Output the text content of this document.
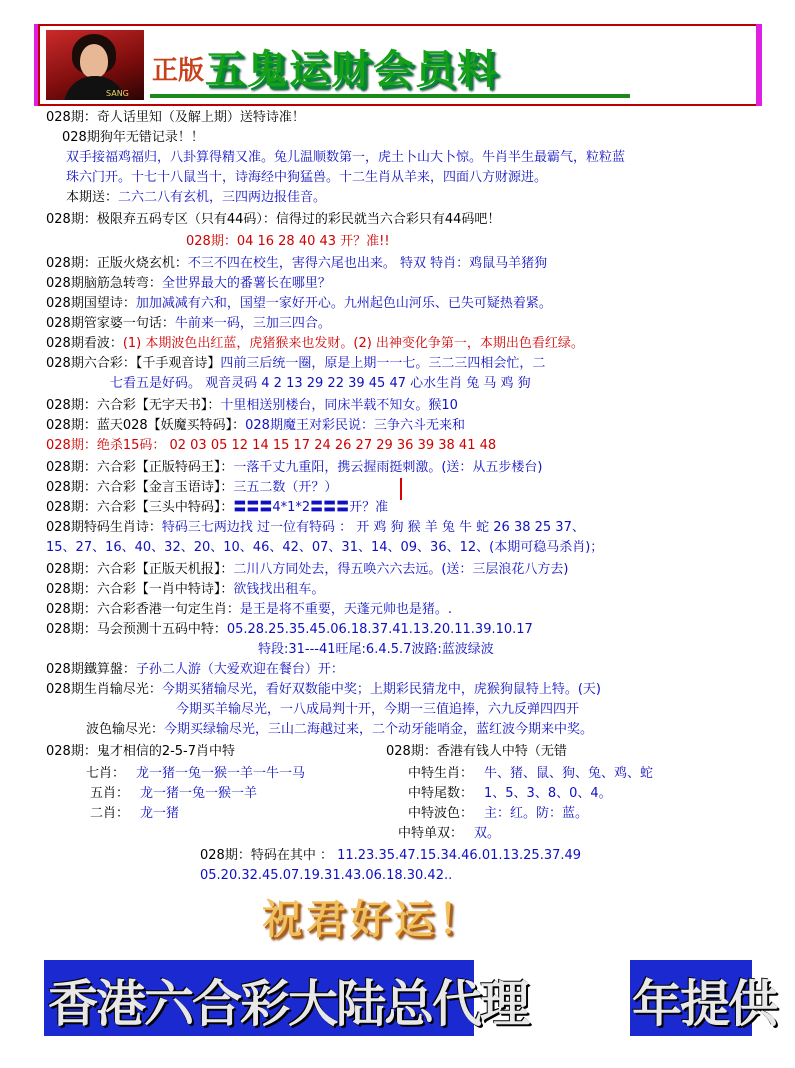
SANG
正版 五鬼运财会员料
028期：奇人话里知（及解上期）送特诗准！
028期狗年无错记录！！
双手接福鸡福归，八卦算得精又准。兔儿温顺数第一，虎土卜山大卜惊。牛肖半生最霸气，粒粒蓝
珠六门开。十七十八鼠当十，诗海经中狗猛兽。十二生肖从羊来，四面八方财源进。
本期送：二六二八有玄机，三四两边报佳音。
028期：极限弃五码专区（只有44码）：信得过的彩民就当六合彩只有44码吧！
028期：04 16 28 40 43 开？准!!
028期：正版火烧玄机：不三不四在校生，害得六尾也出来。 特双 特肖：鸡鼠马羊猪狗
028期脑筋急转弯：全世界最大的番薯长在哪里？
028期国望诗：加加减减有六和，国望一家好开心。九州起色山河乐、已失可疑热着紧。
028期管家婆一句话：牛前来一码，三加三四合。
028期看波：(1) 本期波色出红蓝，虎猪猴来也发财。(2) 出神变化争第一，本期出色看红绿。
028期六合彩：【千手观音诗】四前三后统一圈，原是上期一一七。三二三四相会忙，二
七看五是好码。 观音灵码 4 2 13 29 22 39 45 47 心水生肖 兔 马 鸡 狗
028期：六合彩【无字天书】：十里相送别楼台，同床半载不知女。猴10
028期：蓝天028【妖魔买特码】：028期魔王对彩民说：三争六斗无来和
028期：绝杀15码： 02 03 05 12 14 15 17 24 26 27 29 36 39 38 41 48
028期：六合彩【正版特码王】：一落千丈九重阳，携云握雨挺刺激。(送：从五步楼台)
028期：六合彩【金言玉语诗】：三五二数（开？）
028期：六合彩【三头中特码】：〓〓〓4*1*2〓〓〓开？准
028期特码生肖诗：特码三七两边找 过一位有特码 ： 开 鸡 狗 猴 羊 兔 牛 蛇 26 38 25 37、
15、27、16、40、32、20、10、46、42、07、31、14、09、36、12、(本期可稳马杀肖)；
028期：六合彩【正版天机报】：二川八方同处去，得五唤六六去远。(送：三层浪花八方去)
028期：六合彩【一肖中特诗】：欲钱找出租车。
028期：六合彩香港一句定生肖：是王是将不重要，天蓬元帅也是猪。.
028期：马会预测十五码中特：05.28.25.35.45.06.18.37.41.13.20.11.39.10.17
特段:31---41旺尾:6.4.5.7波路:蓝波绿波
028期鐵算盤：子孙二人游（大爱欢迎在餐台）开：
028期生肖输尽光：今期买猪输尽光，看好双数能中奖；上期彩民猜龙中，虎猴狗鼠特上特。(天)
今期买羊输尽光，一八成局判十开，今期一三值追捧，六九反弹四四开
波色输尽光：今期买绿输尽光，三山二海越过来，二个动牙能哨金，蓝红波今期来中奖。
028期：鬼才相信的2-5-7肖中特	028期：香港有钱人中特（无错
七肖： 龙一猪一兔一猴一羊一牛一马
五肖： 龙一猪一兔一猴一羊
二肖： 龙一猪
中特生肖： 牛、猪、鼠、狗、兔、鸡、蛇
中特尾数： 1、5、3、8、0、4。
中特波色： 主：红。防：蓝。
中特单双： 双。
028期：特码在其中 ： 11.23.35.47.15.34.46.01.13.25.37.49
05.20.32.45.07.19.31.43.06.18.30.42..
祝君好运！
香港六合彩大陆总代理 年提供
